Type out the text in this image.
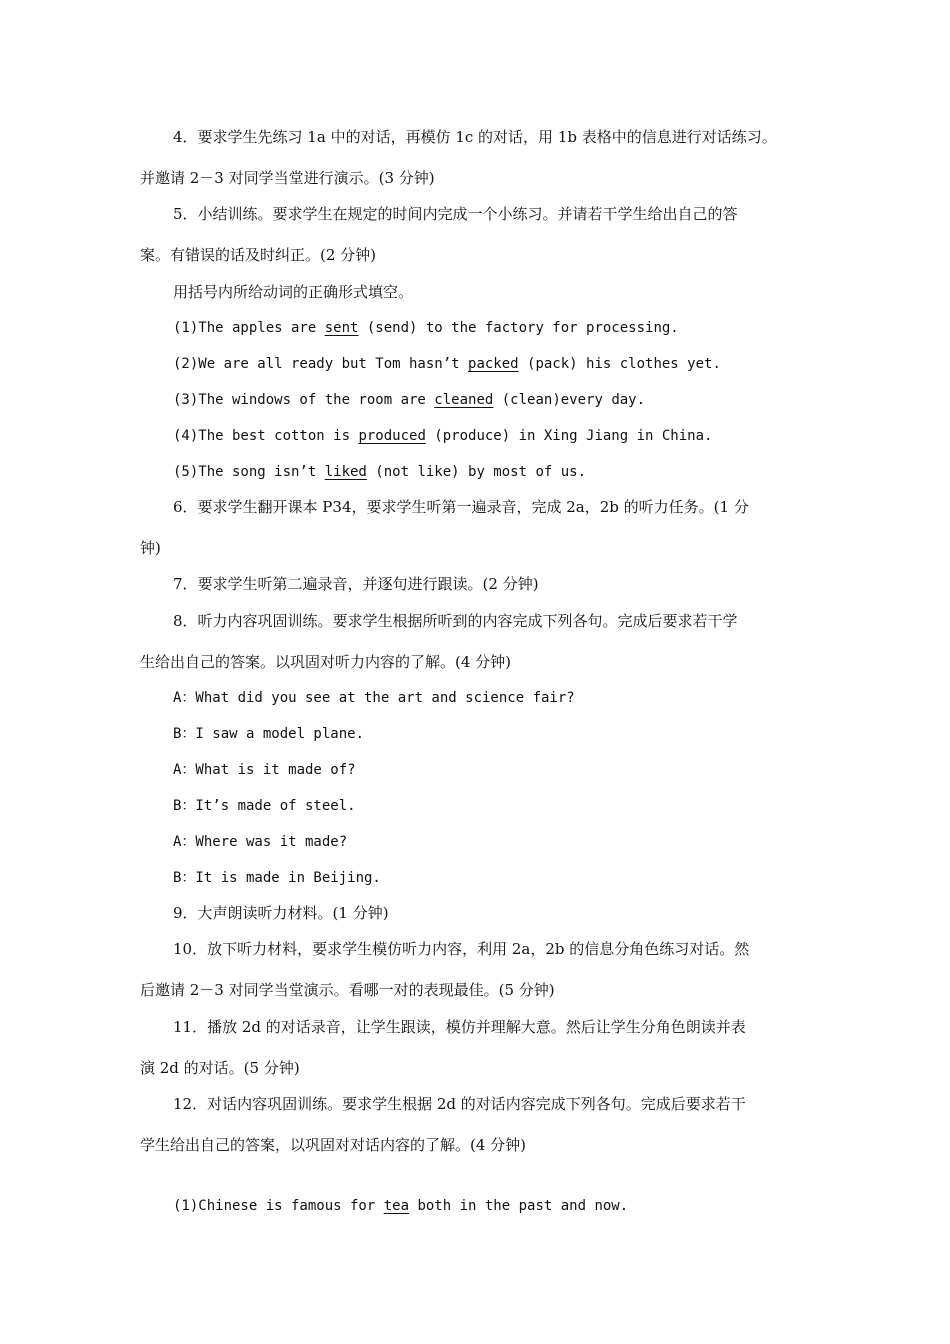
4．要求学生先练习 1a 中的对话，再模仿 1c 的对话，用 1b 表格中的信息进行对话练习。
并邀请 2－3 对同学当堂进行演示。(3 分钟)
5．小结训练。要求学生在规定的时间内完成一个小练习。并请若干学生给出自己的答
案。有错误的话及时纠正。(2 分钟)
用括号内所给动词的正确形式填空。
(1)The apples are sent (send) to the factory for processing.
(2)We are all ready but Tom hasn’t packed (pack) his clothes yet.
(3)The windows of the room are cleaned (clean)every day.
(4)The best cotton is produced (produce) in Xing Jiang in China.
(5)The song isn’t liked (not like) by most of us.
6．要求学生翻开课本 P34，要求学生听第一遍录音，完成 2a，2b 的听力任务。(1 分
钟)
7．要求学生听第二遍录音，并逐句进行跟读。(2 分钟)
8．听力内容巩固训练。要求学生根据所听到的内容完成下列各句。完成后要求若干学
生给出自己的答案。以巩固对听力内容的了解。(4 分钟)
A：What did you see at the art and science fair?
B：I saw a model plane.
A：What is it made of?
B：It’s made of steel.
A：Where was it made?
B：It is made in Beijing.
9．大声朗读听力材料。(1 分钟)
10．放下听力材料，要求学生模仿听力内容，利用 2a，2b 的信息分角色练习对话。然
后邀请 2－3 对同学当堂演示。看哪一对的表现最佳。(5 分钟)
11．播放 2d 的对话录音，让学生跟读，模仿并理解大意。然后让学生分角色朗读并表
演 2d 的对话。(5 分钟)
12．对话内容巩固训练。要求学生根据 2d 的对话内容完成下列各句。完成后要求若干
学生给出自己的答案，以巩固对对话内容的了解。(4 分钟)
(1)Chinese is famous for tea both in the past and now.
